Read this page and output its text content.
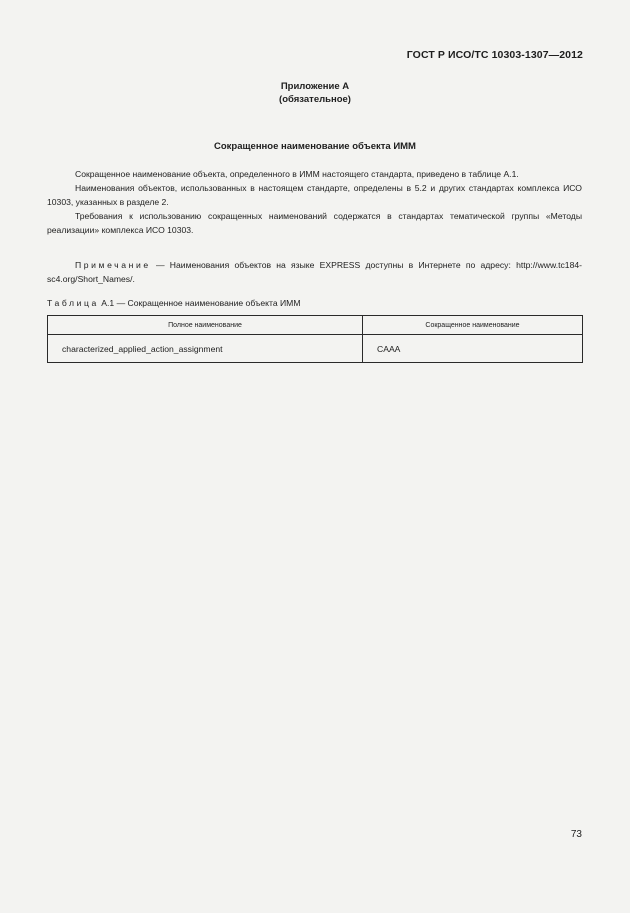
ГОСТ Р ИСО/ТС 10303-1307—2012
Приложение А
(обязательное)
Сокращенное наименование объекта ИММ

Сокращенное наименование объекта, определенного в ИММ настоящего стандарта, приведено в таблице А.1.

Наименования объектов, использованных в настоящем стандарте, определены в 5.2 и других стандартах комплекса ИСО 10303, указанных в разделе 2.

Требования к использованию сокращенных наименований содержатся в стандартах тематической группы «Методы реализации» комплекса ИСО 10303.

Примечание — Наименования объектов на языке EXPRESS доступны в Интернете по адресу: http://www.tc184-sc4.org/Short_Names/.

Таблица А.1 — Сокращенное наименование объекта ИММ
Полное наименование	Сокращенное наименование
characterized_applied_action_assignment	CAAA
73
